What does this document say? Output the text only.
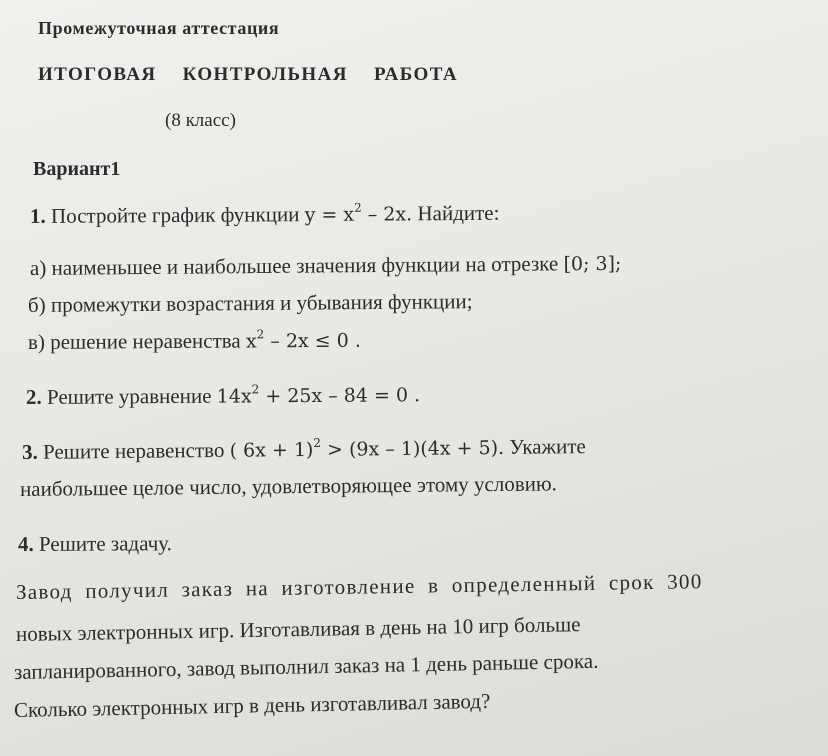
Промежуточная аттестация
ИТОГОВАЯ КОНТРОЛЬНАЯ РАБОТА
(8 класс)
Вариант1
1. Постройте график функции $y = x^2 - 2x$. Найдите:
а) наименьшее и наибольшее значения функции на отрезке [0; 3];
б) промежутки возрастания и убывания функции;
в) решение неравенства $x^2 - 2x \le 0$ .
2. Решите уравнение $14x^2 + 25x - 84 = 0$ .
3. Решите неравенство ( 6x + 1)$^2$ > (9x – 1)(4x + 5). Укажите
наибольшее целое число, удовлетворяющее этому условию.
4. Решите задачу.
Завод получил заказ на изготовление в определенный срок 300
новых электронных игр. Изготавливая в день на 10 игр больше
запланированного, завод выполнил заказ на 1 день раньше срока.
Сколько электронных игр в день изготавливал завод?
